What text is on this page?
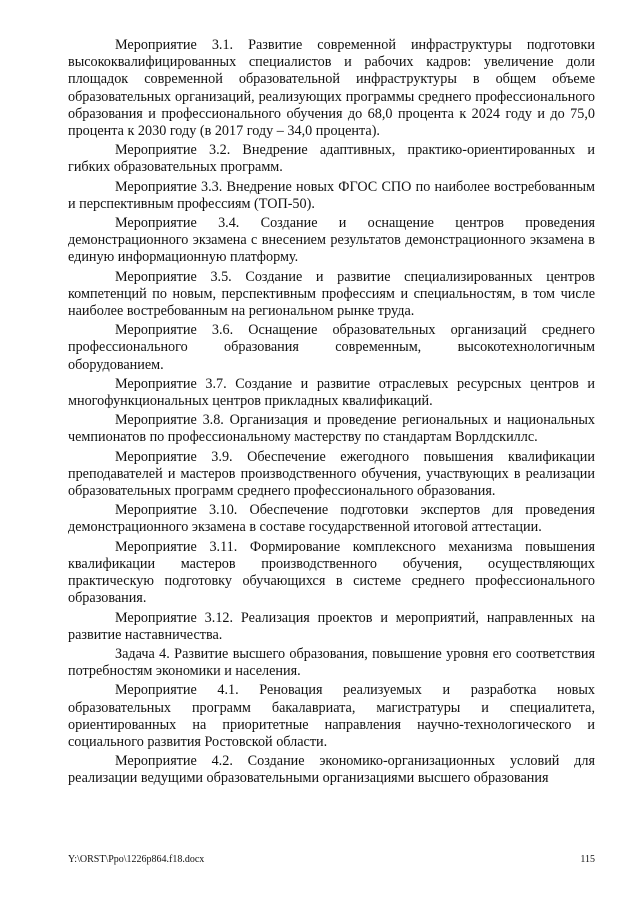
Мероприятие 3.1. Развитие современной инфраструктуры подготовки высококвалифицированных специалистов и рабочих кадров: увеличение доли площадок современной образовательной инфраструктуры в общем объеме образовательных организаций, реализующих программы среднего профессионального образования и профессионального обучения до 68,0 процента к 2024 году и до 75,0 процента к 2030 году (в 2017 году – 34,0 процента).

Мероприятие 3.2. Внедрение адаптивных, практико-ориентированных и гибких образовательных программ.

Мероприятие 3.3. Внедрение новых ФГОС СПО по наиболее востребованным и перспективным профессиям (ТОП-50).

Мероприятие 3.4. Создание и оснащение центров проведения демонстрационного экзамена с внесением результатов демонстрационного экзамена в единую информационную платформу.

Мероприятие 3.5. Создание и развитие специализированных центров компетенций по новым, перспективным профессиям и специальностям, в том числе наиболее востребованным на региональном рынке труда.

Мероприятие 3.6. Оснащение образовательных организаций среднего профессионального образования современным, высокотехнологичным оборудованием.

Мероприятие 3.7. Создание и развитие отраслевых ресурсных центров и многофункциональных центров прикладных квалификаций.

Мероприятие 3.8. Организация и проведение региональных и национальных чемпионатов по профессиональному мастерству по стандартам Ворлдскиллс.

Мероприятие 3.9. Обеспечение ежегодного повышения квалификации преподавателей и мастеров производственного обучения, участвующих в реализации образовательных программ среднего профессионального образования.

Мероприятие 3.10. Обеспечение подготовки экспертов для проведения демонстрационного экзамена в составе государственной итоговой аттестации.

Мероприятие 3.11. Формирование комплексного механизма повышения квалификации мастеров производственного обучения, осуществляющих практическую подготовку обучающихся в системе среднего профессионального образования.

Мероприятие 3.12. Реализация проектов и мероприятий, направленных на развитие наставничества.

Задача 4. Развитие высшего образования, повышение уровня его соответствия потребностям экономики и населения.

Мероприятие 4.1. Реновация реализуемых и разработка новых образовательных программ бакалавриата, магистратуры и специалитета, ориентированных на приоритетные направления научно-технологического и социального развития Ростовской области.

Мероприятие 4.2. Создание экономико-организационных условий для реализации ведущими образовательными организациями высшего образования

Y:\ORST\Ppo\1226p864.f18.docx	115
